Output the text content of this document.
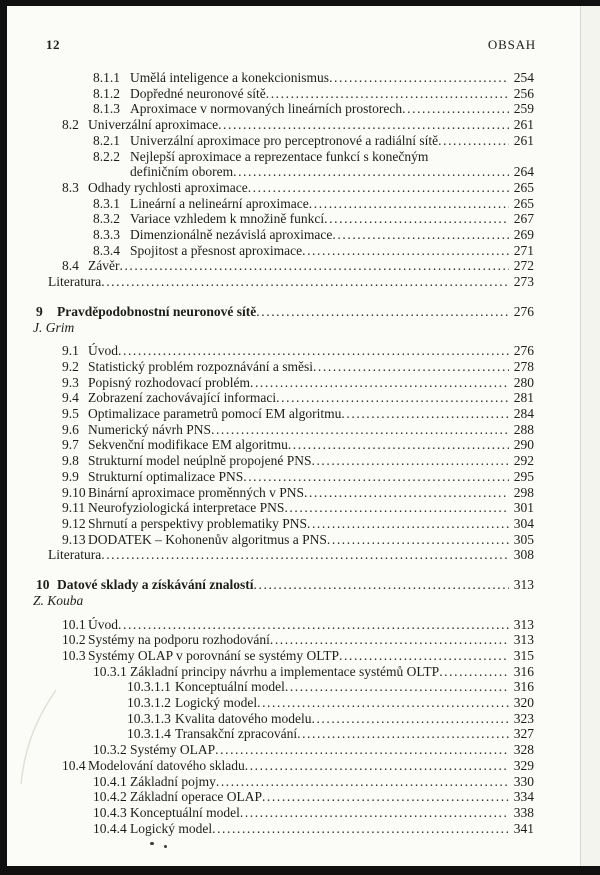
12	OBSAH
8.1.1 Umělá inteligence a konekcionismus .....	254
8.1.2 Dopředné neuronové sítě .....	256
8.1.3 Aproximace v normovaných lineárních prostorech .....	259
8.2 Univerzální aproximace .....	261
8.2.1 Univerzální aproximace pro perceptronové a radiální sítě .....	261
8.2.2 Nejlepší aproximace a reprezentace funkcí s konečným
definičním oborem .....	264
8.3 Odhady rychlosti aproximace .....	265
8.3.1 Lineární a nelineární aproximace .....	265
8.3.2 Variace vzhledem k množině funkcí .....	267
8.3.3 Dimenzionálně nezávislá aproximace .....	269
8.3.4 Spojitost a přesnost aproximace .....	271
8.4 Závěr .....	272
Literatura .....	273
9	Pravděpodobnostní neuronové sítě .....	276
J. Grim
9.1 Úvod .....	276
9.2 Statistický problém rozpoznávání a směsi .....	278
9.3 Popisný rozhodovací problém .....	280
9.4 Zobrazení zachovávající informaci .....	281
9.5 Optimalizace parametrů pomocí EM algoritmu .....	284
9.6 Numerický návrh PNS .....	288
9.7 Sekvenční modifikace EM algoritmu .....	290
9.8 Strukturní model neúplně propojené PNS .....	292
9.9 Strukturní optimalizace PNS .....	295
9.10 Binární aproximace proměnných v PNS .....	298
9.11 Neurofyziologická interpretace PNS .....	301
9.12 Shrnutí a perspektivy problematiky PNS .....	304
9.13 DODATEK – Kohonenův algoritmus a PNS .....	305
Literatura .....	308
10 Datové sklady a získávání znalostí .....	313
Z. Kouba
10.1 Úvod .....	313
10.2 Systémy na podporu rozhodování .....	313
10.3 Systémy OLAP v porovnání se systémy OLTP .....	315
10.3.1 Základní principy návrhu a implementace systémů OLTP .....	316
10.3.1.1 Konceptuální model .....	316
10.3.1.2 Logický model .....	320
10.3.1.3 Kvalita datového modelu .....	323
10.3.1.4 Transakční zpracování .....	327
10.3.2 Systémy OLAP .....	328
10.4 Modelování datového skladu .....	329
10.4.1 Základní pojmy .....	330
10.4.2 Základní operace OLAP .....	334
10.4.3 Konceptuální model .....	338
10.4.4 Logický model .....	341
